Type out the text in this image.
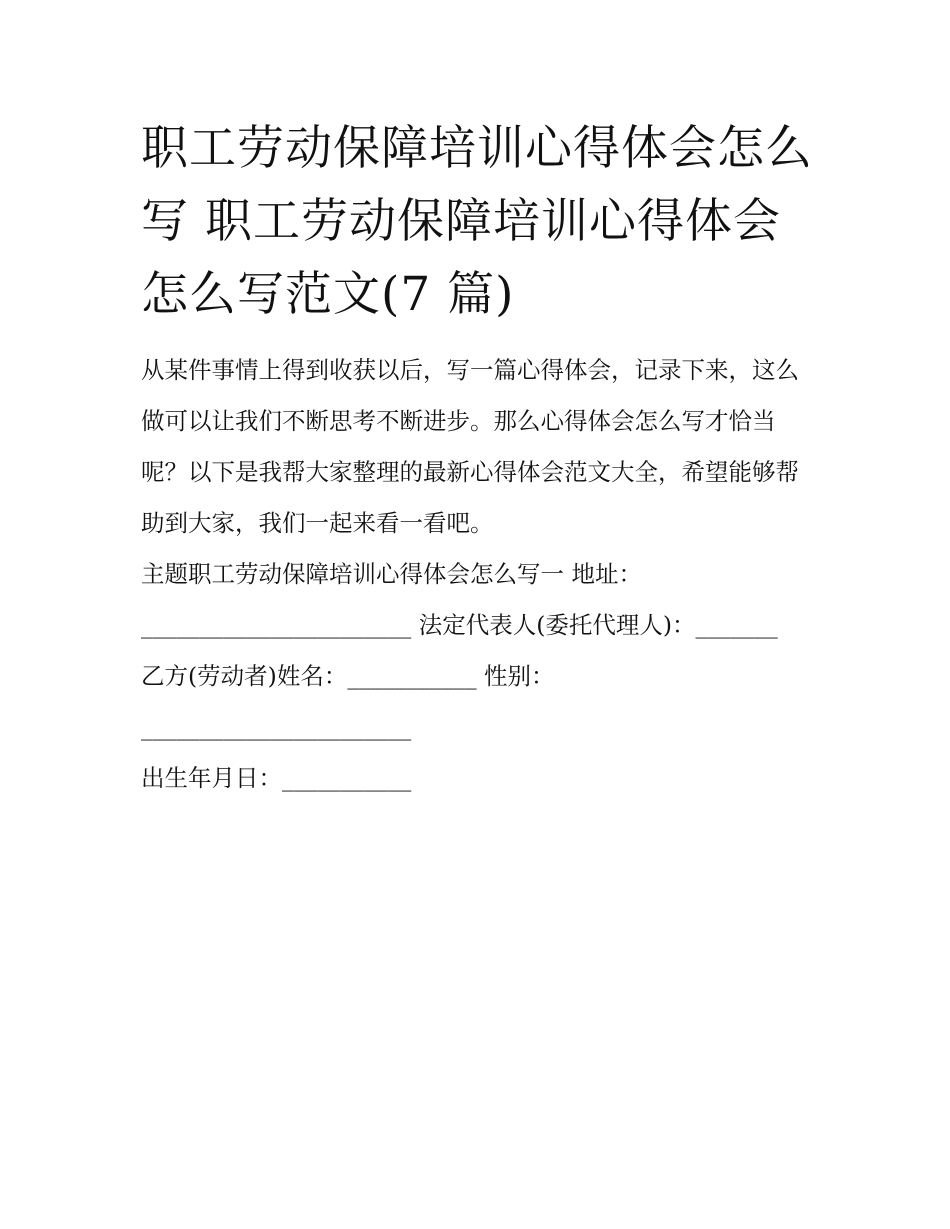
职工劳动保障培训心得体会怎么写 职工劳动保障培训心得体会怎么写范文(7 篇)

从某件事情上得到收获以后，写一篇心得体会，记录下来，这么做可以让我们不断思考不断进步。那么心得体会怎么写才恰当呢？以下是我帮大家整理的最新心得体会范文大全，希望能够帮助到大家，我们一起来看一看吧。

主题职工劳动保障培训心得体会怎么写一 地址：
_______________________ 法定代表人(委托代理人)：_______
乙方(劳动者)姓名：___________ 性别：
_______________________
出生年月日：___________
